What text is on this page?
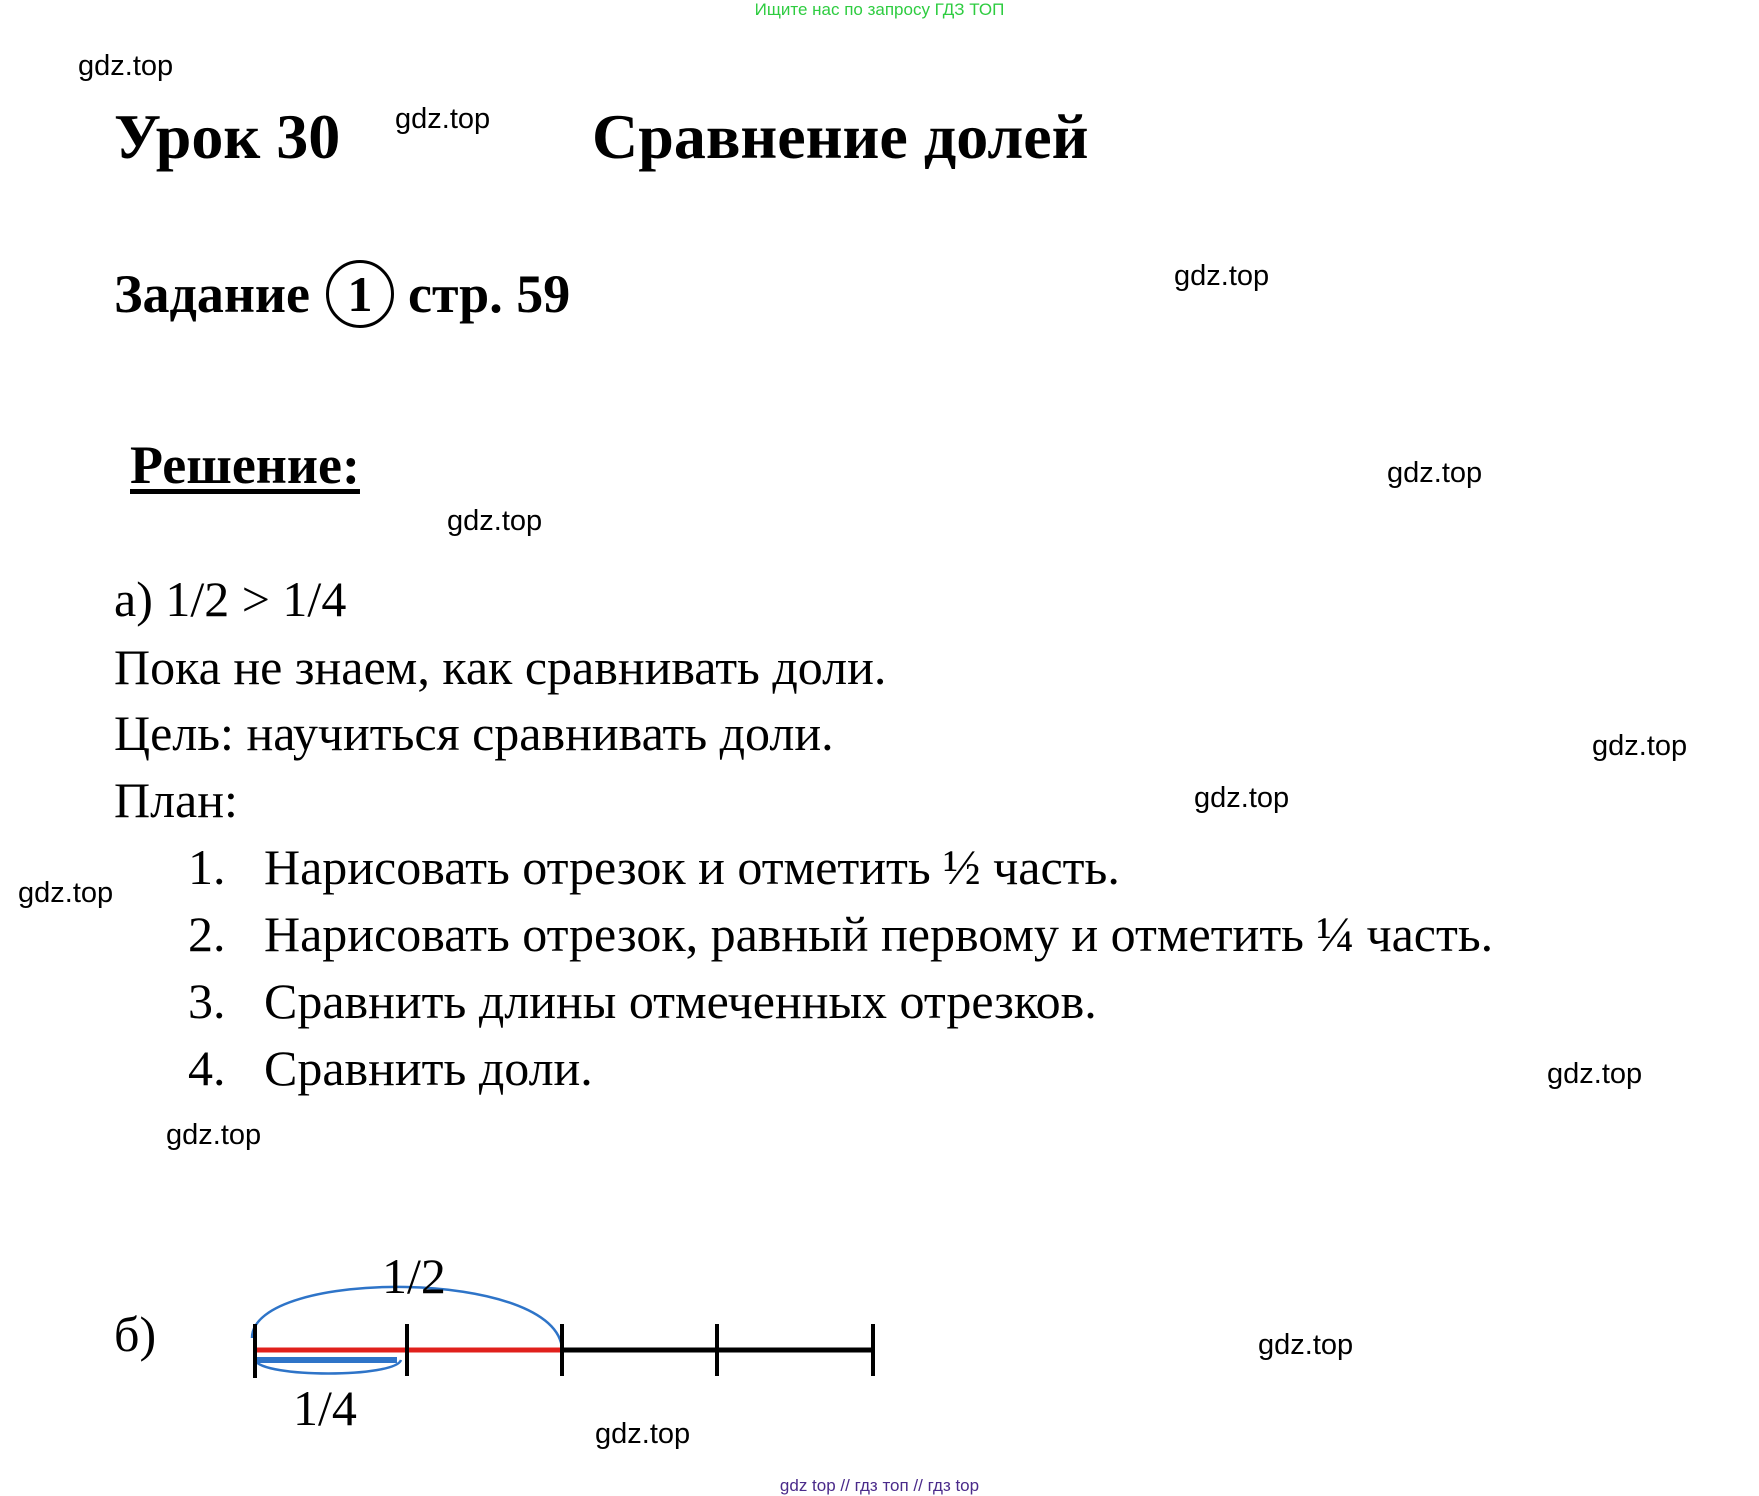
Ищите нас по запросу ГДЗ ТОП
gdz.top
gdz.top
gdz.top
gdz.top
gdz.top
gdz.top
gdz.top
gdz.top
gdz.top
gdz.top
gdz.top
gdz.top
Урок 30	Сравнение долей
Задание 1 стр. 59
Решение:
а) 1/2 > 1/4
Пока не знаем, как сравнивать доли.
Цель: научиться сравнивать доли.
План:
1. Нарисовать отрезок и отметить ½ часть.
2. Нарисовать отрезок, равный первому и отметить ¼ часть.
3. Сравнить длины отмеченных отрезков.
4. Сравнить доли.
б)
1/2
1/4
gdz top // гдз топ // гдз top
